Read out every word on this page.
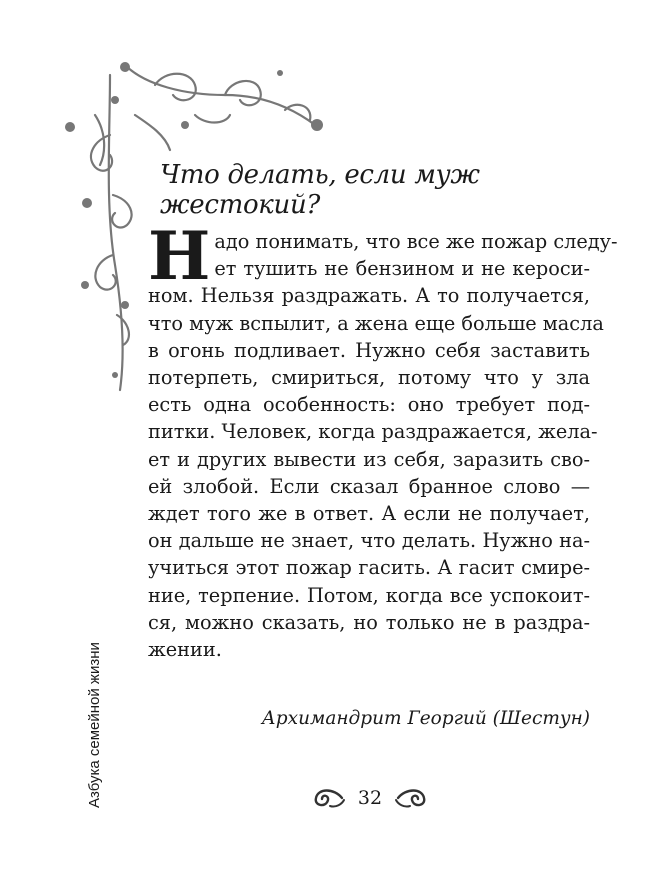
Что делать, если муж жестокий?
Н адо понимать, что все же пожар следу-
ет тушить не бензином и не кероси-
ном. Нельзя раздражать. А то получается,
что муж вспылит, а жена еще больше масла
в огонь подливает. Нужно себя заставить
потерпеть, смириться, потому что у зла
есть одна особенность: оно требует под-
питки. Человек, когда раздражается, жела-
ет и других вывести из себя, заразить сво-
ей злобой. Если сказал бранное слово —
ждет того же в ответ. А если не получает,
он дальше не знает, что делать. Нужно на-
учиться этот пожар гасить. А гасит смире-
ние, терпение. Потом, когда все успокоит-
ся, можно сказать, но только не в раздра-
жении.
Архимандрит Георгий (Шестун)
Азбука семейной жизни	32
